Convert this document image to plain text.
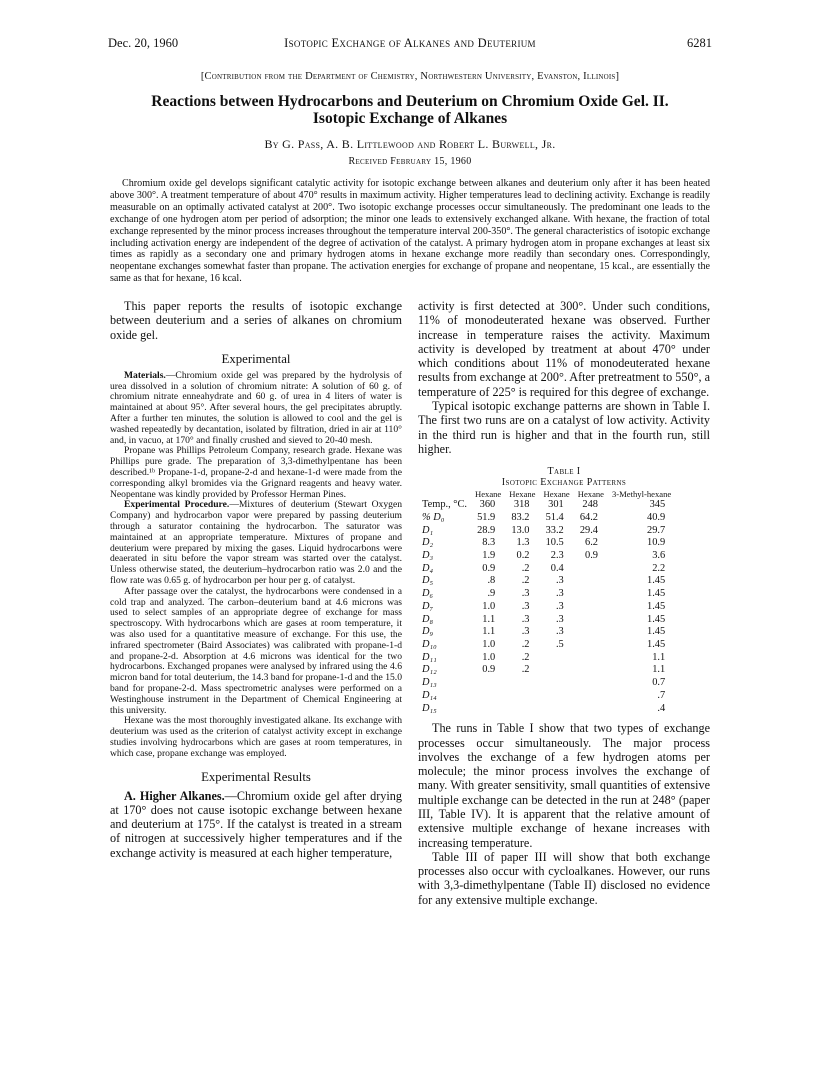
Dec. 20, 1960	Isotopic Exchange of Alkanes and Deuterium	6281
[Contribution from the Department of Chemistry, Northwestern University, Evanston, Illinois]
Reactions between Hydrocarbons and Deuterium on Chromium Oxide Gel. II.
Isotopic Exchange of Alkanes
By G. Pass, A. B. Littlewood and Robert L. Burwell, Jr.
Received February 15, 1960

Chromium oxide gel develops significant catalytic activity for isotopic exchange between alkanes and deuterium only after it has been heated above 300°. A treatment temperature of about 470° results in maximum activity. Higher temperatures lead to declining activity. Exchange is readily measurable on an optimally activated catalyst at 200°. Two isotopic exchange processes occur simultaneously. The predominant one leads to the exchange of one hydrogen atom per period of adsorption; the minor one leads to extensively exchanged alkane. With hexane, the fraction of total exchange represented by the minor process increases throughout the temperature interval 200-350°. The general characteristics of isotopic exchange including activation energy are independent of the degree of activation of the catalyst. A primary hydrogen atom in propane exchanges at least six times as rapidly as a secondary one and primary hydrogen atoms in hexane exchange more readily than secondary ones. Correspondingly, neopentane exchanges somewhat faster than propane. The activation energies for exchange of propane and neopentane, 15 kcal., are essentially the same as that for hexane, 16 kcal.

This paper reports the results of isotopic exchange between deuterium and a series of alkanes on chromium oxide gel.

Experimental

Materials.—Chromium oxide gel was prepared by the hydrolysis of urea dissolved in a solution of chromium nitrate: A solution of 60 g. of chromium nitrate enneahydrate and 60 g. of urea in 4 liters of water is maintained at about 95°. After several hours, the gel precipitates abruptly. After a further ten minutes, the solution is allowed to cool and the gel is washed repeatedly by decantation, isolated by filtration, dried in air at 110° and, in vacuo, at 170° and finally crushed and sieved to 20-40 mesh.

Propane was Phillips Petroleum Company, research grade. Hexane was Phillips pure grade. The preparation of 3,3-dimethylpentane has been described.¹ᵇ Propane-1-d, propane-2-d and hexane-1-d were made from the corresponding alkyl bromides via the Grignard reagents and heavy water. Neopentane was kindly provided by Professor Herman Pines.

Experimental Procedure.—Mixtures of deuterium (Stewart Oxygen Company) and hydrocarbon vapor were prepared by passing deuterium through a saturator containing the hydrocarbon. The saturator was maintained at an appropriate temperature. Mixtures of propane and deuterium were prepared by mixing the gases. Liquid hydrocarbons were deaerated in situ before the vapor stream was started over the catalyst. Unless otherwise stated, the deuterium–hydrocarbon ratio was 2.0 and the flow rate was 0.65 g. of hydrocarbon per hour per g. of catalyst.

After passage over the catalyst, the hydrocarbons were condensed in a cold trap and analyzed. The carbon–deuterium band at 4.6 microns was used to select samples of an appropriate degree of exchange for mass spectroscopy. With hydrocarbons which are gases at room temperature, it was also used for a quantitative measure of exchange. For this use, the infrared spectrometer (Baird Associates) was calibrated with propane-1-d and propane-2-d. Absorption at 4.6 microns was identical for the two hydrocarbons. Exchanged propanes were analysed by infrared using the 4.6 micron band for total deuterium, the 14.3 band for propane-1-d and the 15.0 band for propane-2-d. Mass spectrometric analyses were performed on a Westinghouse instrument in the Department of Chemical Engineering at this university.

Hexane was the most thoroughly investigated alkane. Its exchange with deuterium was used as the criterion of catalyst activity except in exchange studies involving hydrocarbons which are gases at room temperatures, in which case, propane exchange was employed.

Experimental Results

A. Higher Alkanes.—Chromium oxide gel after drying at 170° does not cause isotopic exchange between hexane and deuterium at 175°. If the catalyst is treated in a stream of nitrogen at successively higher temperatures and if the exchange activity is measured at each higher temperature,

activity is first detected at 300°. Under such conditions, 11% of monodeuterated hexane was observed. Further increase in temperature raises the activity. Maximum activity is developed by treatment at about 470° under which conditions about 11% of monodeuterated hexane results from exchange at 200°. After pretreatment to 550°, a temperature of 225° is required for this degree of exchange.

Typical isotopic exchange patterns are shown in Table I. The first two runs are on a catalyst of low activity. Activity in the third run is higher and that in the fourth run, still higher.

Table I
Isotopic Exchange Patterns
	Hexane	Hexane	Hexane	Hexane	3-Methyl-hexane
Temp., °C.	360	318	301	248	345
% D₀	51.9	83.2	51.4	64.2	40.9
D₁	28.9	13.0	33.2	29.4	29.7
D₂	8.3	1.3	10.5	6.2	10.9
D₃	1.9	0.2	2.3	0.9	3.6
D₄	0.9	.2	0.4		2.2
D₅	.8	.2	.3		1.45
D₆	.9	.3	.3		1.45
D₇	1.0	.3	.3		1.45
D₈	1.1	.3	.3		1.45
D₉	1.1	.3	.3		1.45
D₁₀	1.0	.2	.5		1.45
D₁₁	1.0	.2			1.1
D₁₂	0.9	.2			1.1
D₁₃					0.7
D₁₄					.7
D₁₅					.4

The runs in Table I show that two types of exchange processes occur simultaneously. The major process involves the exchange of a few hydrogen atoms per molecule; the minor process involves the exchange of many. With greater sensitivity, small quantities of extensive multiple exchange can be detected in the run at 248° (paper III, Table IV). It is apparent that the relative amount of extensive multiple exchange of hexane increases with increasing temperature.

Table III of paper III will show that both exchange processes also occur with cycloalkanes. However, our runs with 3,3-dimethylpentane (Table II) disclosed no evidence for any extensive multiple exchange.
